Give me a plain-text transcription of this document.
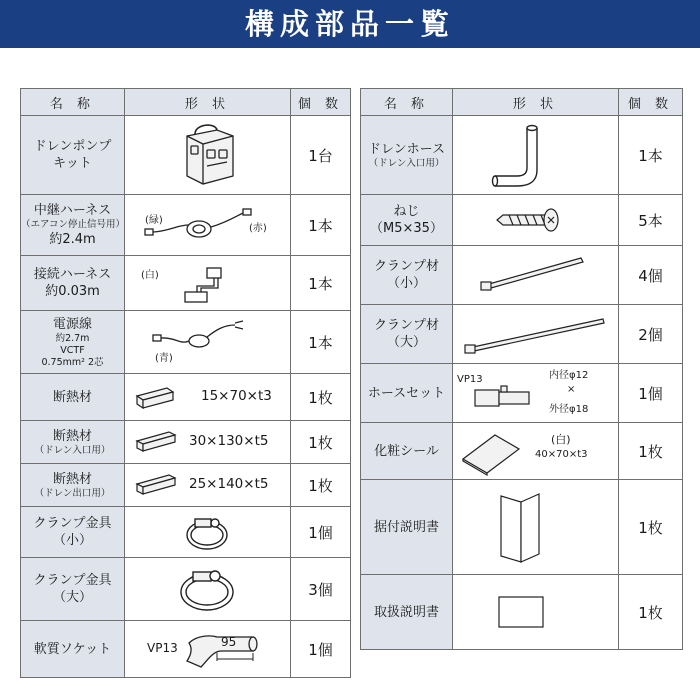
構成部品一覧
名 称	形 状	個 数

ドレンポンプ
キット		1台

中継ハーネス
（エアコン停止信号用）
約2.4m	(緑)
(赤)	1本

接続ハーネス
約0.03m	(白)	1本

電源線
約2.7m
VCTF
0.75mm² 2芯	(青)	1本

断熱材	15×70×t3	1枚

断熱材
（ドレン入口用）	30×130×t5	1枚

断熱材
（ドレン出口用）	25×140×t5	1枚

クランプ金具
（小）		1個

クランプ金具
（大）		3個

軟質ソケット	VP13 95	1個
名 称	形 状	個 数

ドレンホース
（ドレン入口用）		1本

ねじ（M5×35）		5本

クランプ材
（小）		4個

クランプ材
（大）		2個

ホースセット	VP13 内径φ12
×
外径φ18	1個

化粧シール	(白)
40×70×t3	1枚

据付説明書		1枚

取扱説明書		1枚
